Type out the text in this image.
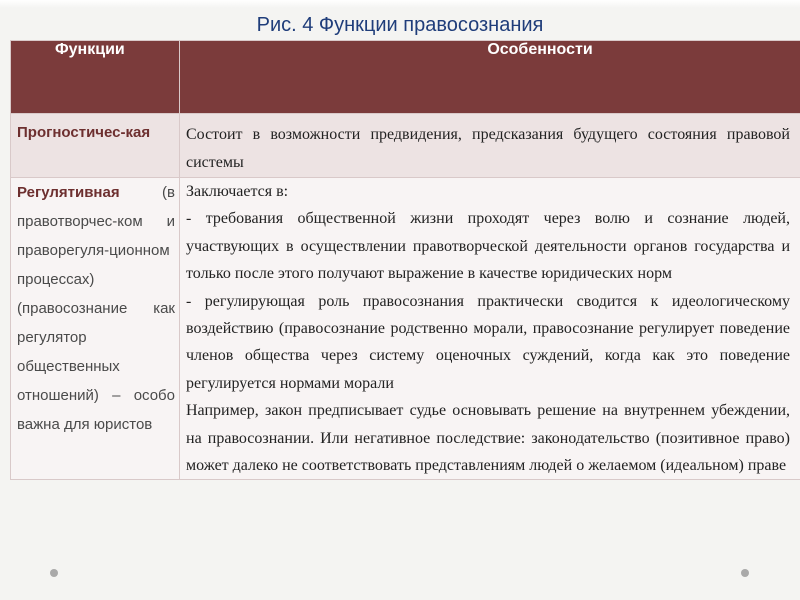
Рис. 4 Функции правосознания
Функции	Особенности

Прогностичес-кая	Состоит в возможности предвидения, предсказания будущего состояния правовой системы

Регулятивная (в правотворчес-ком и праворегуля-ционном процессах) (правосознание как регулятор общественных отношений) – особо важна для юристов	Заключается в:

- требования общественной жизни проходят через волю и сознание людей, участвующих в осуществлении правотворческой деятельности органов государства и только после этого получают выражение в качестве юридических норм

- регулирующая роль правосознания практически сводится к идеологическому воздействию (правосознание родственно морали, правосознание регулирует поведение членов общества через систему оценочных суждений, когда как это поведение регулируется нормами морали

Например, закон предписывает судье основывать решение на внутреннем убеждении, на правосознании. Или негативное последствие: законодательство (позитивное право) может далеко не соответствовать представлениям людей о желаемом (идеальном) праве
